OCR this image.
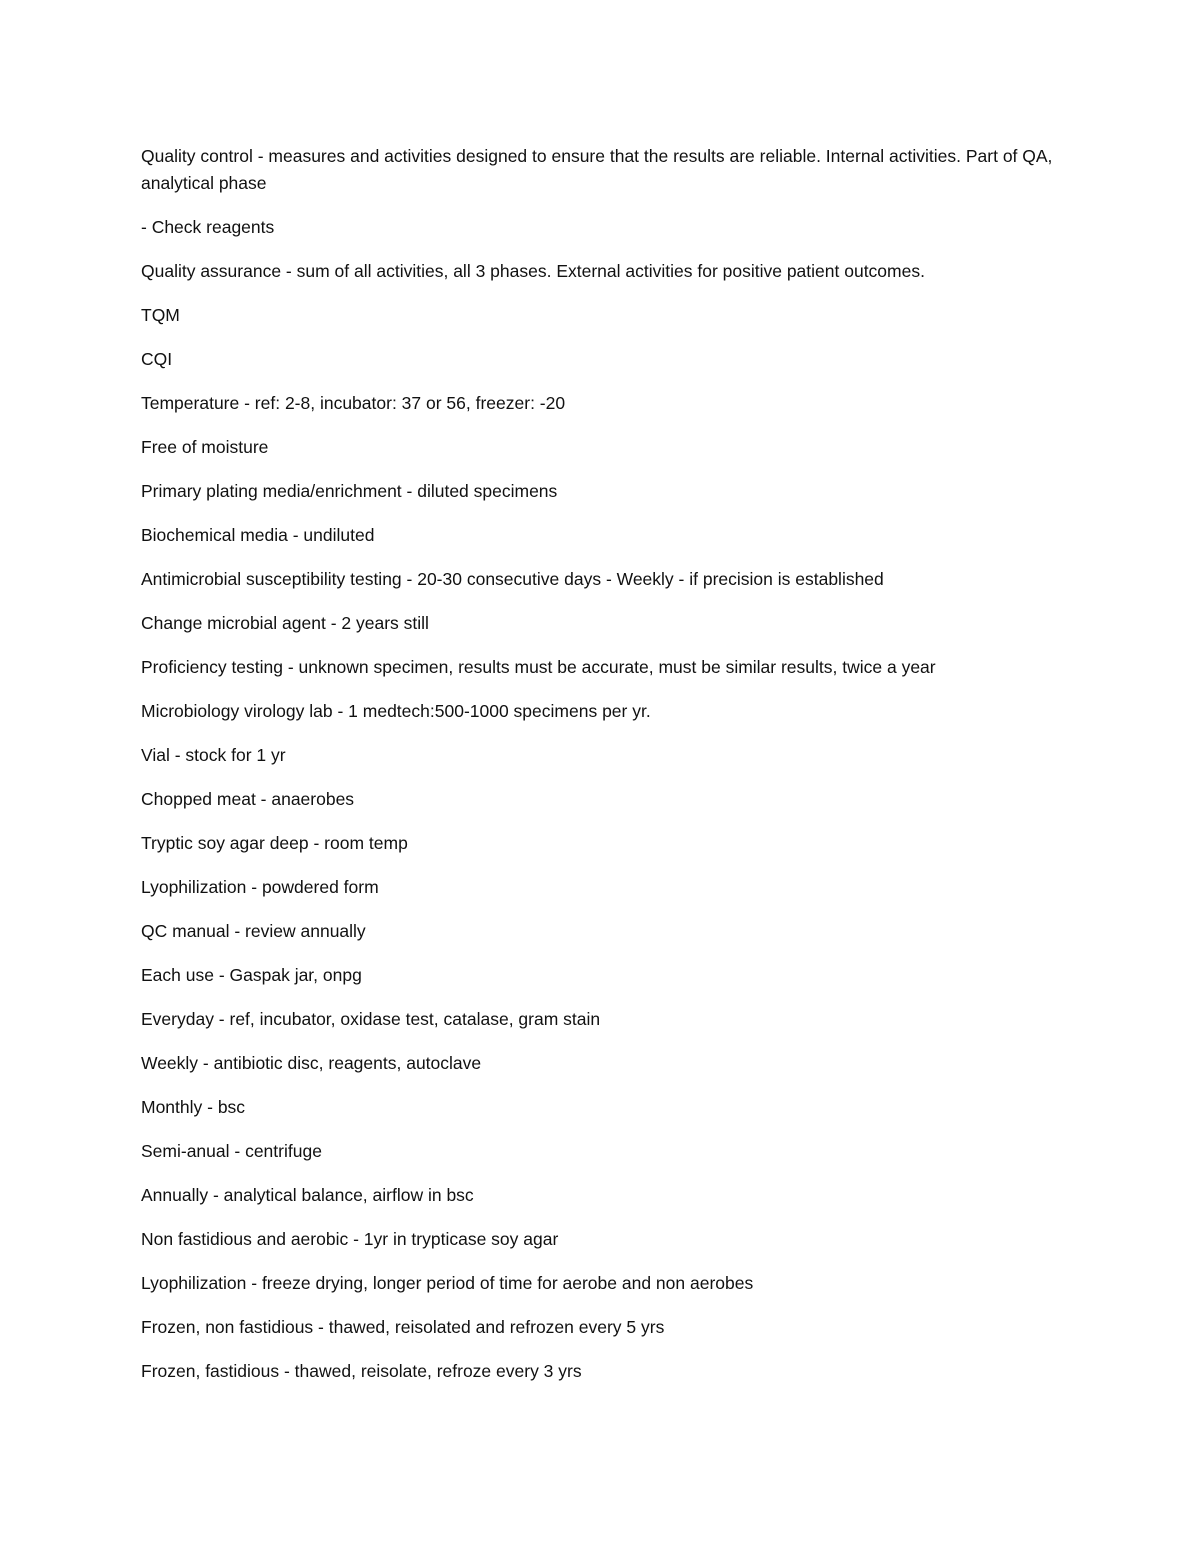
Quality control - measures and activities designed to ensure that the results are reliable. Internal activities. Part of QA, analytical phase

- Check reagents

Quality assurance - sum of all activities, all 3 phases. External activities for positive patient outcomes.

TQM

CQI

Temperature - ref: 2-8, incubator: 37 or 56, freezer: -20

Free of moisture

Primary plating media/enrichment - diluted specimens

Biochemical media - undiluted

Antimicrobial susceptibility testing - 20-30 consecutive days - Weekly - if precision is established

Change microbial agent - 2 years still

Proficiency testing - unknown specimen, results must be accurate, must be similar results, twice a year

Microbiology virology lab - 1 medtech:500-1000 specimens per yr.

Vial - stock for 1 yr

Chopped meat - anaerobes

Tryptic soy agar deep - room temp

Lyophilization - powdered form

QC manual - review annually

Each use - Gaspak jar, onpg

Everyday - ref, incubator, oxidase test, catalase, gram stain

Weekly - antibiotic disc, reagents, autoclave

Monthly - bsc

Semi-anual - centrifuge

Annually - analytical balance, airflow in bsc

Non fastidious and aerobic - 1yr in trypticase soy agar

Lyophilization - freeze drying, longer period of time for aerobe and non aerobes

Frozen, non fastidious - thawed, reisolated and refrozen every 5 yrs

Frozen, fastidious - thawed, reisolate, refroze every 3 yrs
